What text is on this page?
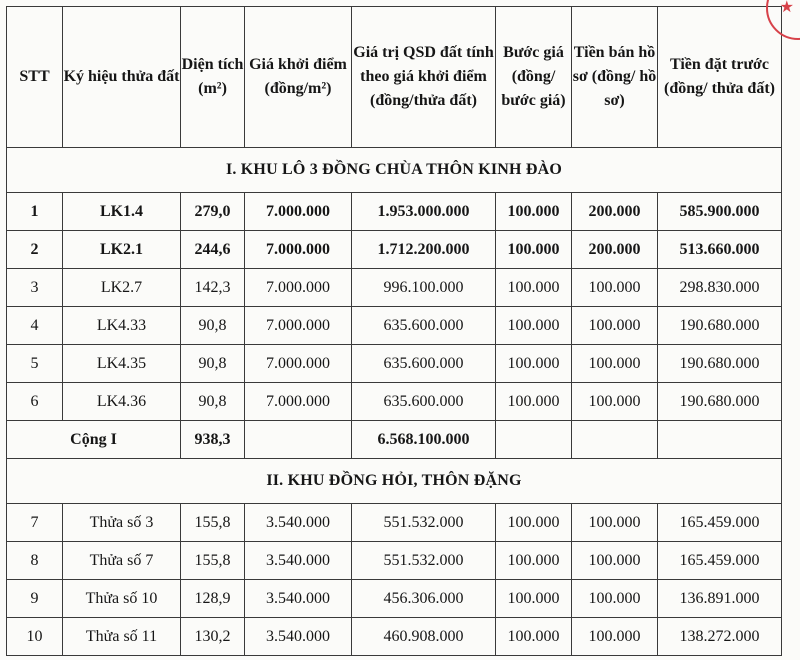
STT	Ký hiệu thửa đất	Diện tích (m²)	Giá khởi điểm (đồng/m²)	Giá trị QSD đất tính theo giá khởi điểm (đồng/thửa đất)	Bước giá (đồng/ bước giá)	Tiền bán hồ sơ (đồng/ hồ sơ)	Tiền đặt trước (đồng/ thửa đất)
I. KHU LÔ 3 ĐỒNG CHÙA THÔN KINH ĐÀO							
1	LK1.4	279,0	7.000.000	1.953.000.000	100.000	200.000	585.900.000
2	LK2.1	244,6	7.000.000	1.712.200.000	100.000	200.000	513.660.000
3	LK2.7	142,3	7.000.000	996.100.000	100.000	100.000	298.830.000
4	LK4.33	90,8	7.000.000	635.600.000	100.000	100.000	190.680.000
5	LK4.35	90,8	7.000.000	635.600.000	100.000	100.000	190.680.000
6	LK4.36	90,8	7.000.000	635.600.000	100.000	100.000	190.680.000
Cộng I		938,3		6.568.100.000			
II. KHU ĐỒNG HỎI, THÔN ĐẶNG							
7	Thửa số 3	155,8	3.540.000	551.532.000	100.000	100.000	165.459.000
8	Thửa số 7	155,8	3.540.000	551.532.000	100.000	100.000	165.459.000
9	Thửa số 10	128,9	3.540.000	456.306.000	100.000	100.000	136.891.000
10	Thửa số 11	130,2	3.540.000	460.908.000	100.000	100.000	138.272.000
★
